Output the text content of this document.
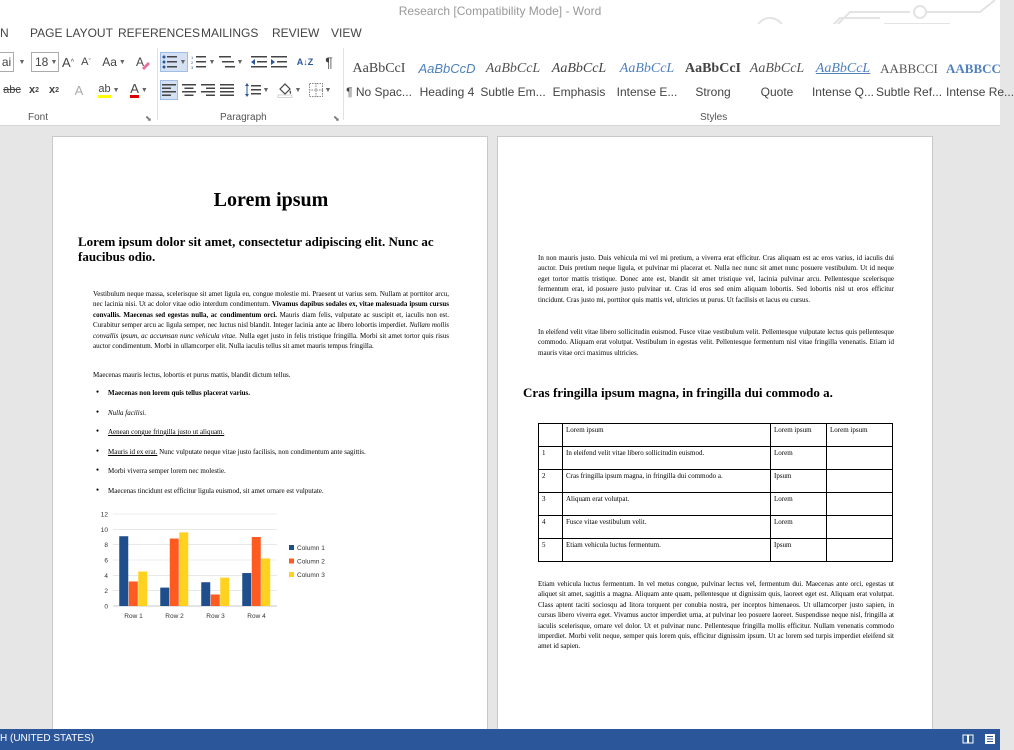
Research [Compatibility Mode] - Word
N PAGE LAYOUT REFERENCES MAILINGS REVIEW VIEW
ai ▼ 18 ▼ A ^ A ˇ Aa ▼ A
abc x 2 x 2 A ab ▼ A ▼
Font	⬊
▼
1
2
3
▼	▼	A↓Z ¶
▼	▼	▼
Paragraph	⬊
AaBbCcI
¶ No Spac...
AaBbCcD
Heading 4
AaBbCcL
Subtle Em...
AaBbCcL
Emphasis
AaBbCcL
Intense E...
AaBbCcI
Strong
AaBbCcL
Quote
AaBbCcL
Intense Q...
AABBCCI
Subtle Ref...
AABBCC
Intense Re...
Styles
Lorem ipsum
Lorem ipsum dolor sit amet, consectetur adipiscing elit. Nunc ac faucibus odio.
Vestibulum neque massa, scelerisque sit amet ligula eu, congue molestie mi. Praesent ut varius sem. Nullam at porttitor arcu, nec lacinia nisi. Ut ac dolor vitae odio interdum condimentum. Vivamus dapibus sodales ex, vitae malesuada ipsum cursus convallis. Maecenas sed egestas nulla, ac condimentum orci. Mauris diam felis, vulputate ac suscipit et, iaculis non est. Curabitur semper arcu ac ligula semper, nec luctus nisl blandit. Integer lacinia ante ac libero lobortis imperdiet. Nullam mollis convallis ipsum, ac accumsan nunc vehicula vitae. Nulla eget justo in felis tristique fringilla. Morbi sit amet tortor quis risus auctor condimentum. Morbi in ullamcorper elit. Nulla iaculis tellus sit amet mauris tempus fringilla.
Maecenas mauris lectus, lobortis et purus mattis, blandit dictum tellus.
● Maecenas non lorem quis tellus placerat varius.
● Nulla facilisi.
● Aenean congue fringilla justo ut aliquam.
● Mauris id ex erat. Nunc vulputate neque vitae justo facilisis, non condimentum ante sagittis.
● Morbi viverra semper lorem nec molestie.
● Maecenas tincidunt est efficitur ligula euismod, sit amet ornare est vulputate.
0
2
4
6
8
10
12
Row 1	Row 2	Row 3	Row 4
Column 1
Column 2
Column 3
In non mauris justo. Duis vehicula mi vel mi pretium, a viverra erat efficitur. Cras aliquam est ac eros varius, id iaculis dui auctor. Duis pretium neque ligula, et pulvinar mi placerat et. Nulla nec nunc sit amet nunc posuere vestibulum. Ut id neque eget tortor mattis tristique. Donec ante est, blandit sit amet tristique vel, lacinia pulvinar arcu. Pellentesque scelerisque fermentum erat, id posuere justo pulvinar ut. Cras id eros sed enim aliquam lobortis. Sed lobortis nisl ut eros efficitur tincidunt. Cras justo mi, porttitor quis mattis vel, ultricies ut purus. Ut facilisis et lacus eu cursus.
In eleifend velit vitae libero sollicitudin euismod. Fusce vitae vestibulum velit. Pellentesque vulputate lectus quis pellentesque commodo. Aliquam erat volutpat. Vestibulum in egestas velit. Pellentesque fermentum nisl vitae fringilla venenatis. Etiam id mauris vitae orci maximus ultricies.
Cras fringilla ipsum magna, in fringilla dui commodo a.
	Lorem ipsum	Lorem ipsum	Lorem ipsum
1	In eleifend velit vitae libero sollicitudin euismod.	Lorem	
2	Cras fringilla ipsum magna, in fringilla dui commodo a.	Ipsum	
3	Aliquam erat volutpat.	Lorem	
4	Fusce vitae vestibulum velit.	Lorem	
5	Etiam vehicula luctus fermentum.	Ipsum	
Etiam vehicula luctus fermentum. In vel metus congue, pulvinar lectus vel, fermentum dui. Maecenas ante orci, egestas ut aliquet sit amet, sagittis a magna. Aliquam ante quam, pellentesque ut dignissim quis, laoreet eget est. Aliquam erat volutpat. Class aptent taciti sociosqu ad litora torquent per conubia nostra, per inceptos himenaeos. Ut ullamcorper justo sapien, in cursus libero viverra eget. Vivamus auctor imperdiet urna, at pulvinar leo posuere laoreet. Suspendisse neque nisl, fringilla at iaculis scelerisque, ornare vel dolor. Ut et pulvinar nunc. Pellentesque fringilla mollis efficitur. Nullam venenatis commodo imperdiet. Morbi velit neque, semper quis lorem quis, efficitur dignissim ipsum. Ut ac lorem sed turpis imperdiet eleifend sit amet id sapien.
H (UNITED STATES)
